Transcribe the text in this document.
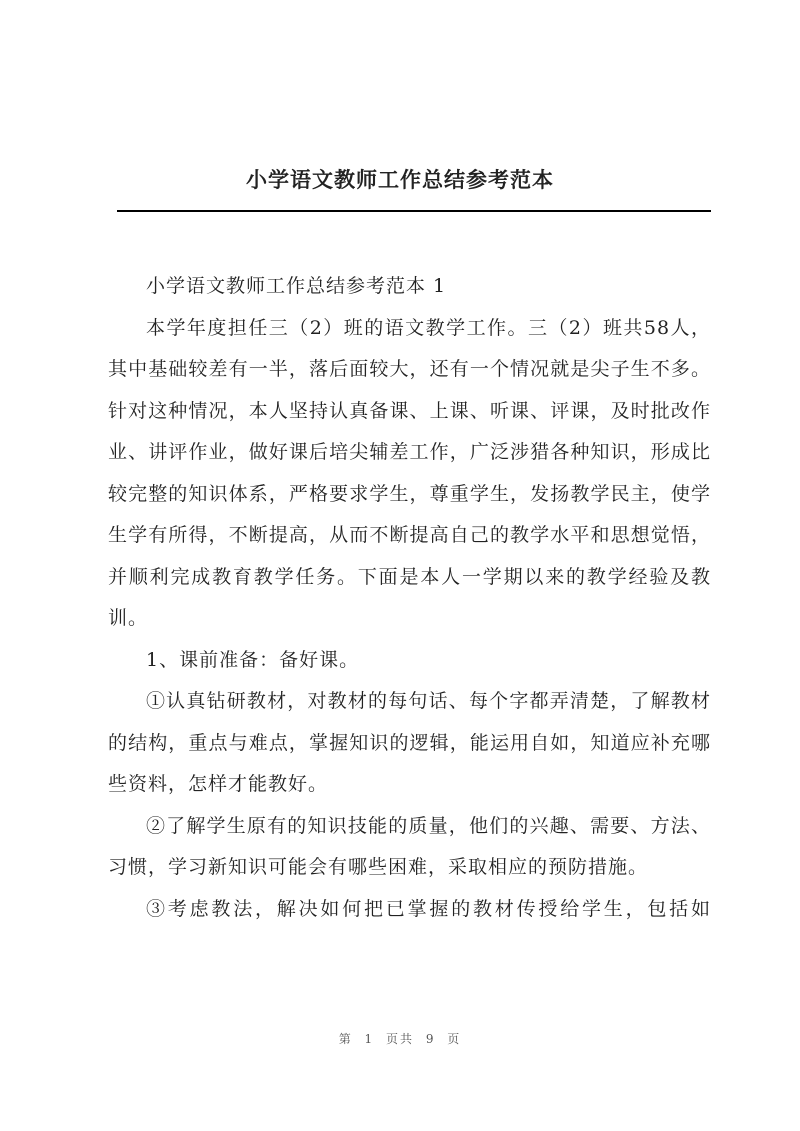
小学语文教师工作总结参考范本

小学语文教师工作总结参考范本 1

本学年度担任三（2）班的语文教学工作。三（2）班共58人，其中基础较差有一半，落后面较大，还有一个情况就是尖子生不多。 针对这种情况，本人坚持认真备课、上课、听课、评课，及时批改作业、讲评作业，做好课后培尖辅差工作，广泛涉猎各种知识，形成比较完整的知识体系，严格要求学生，尊重学生，发扬教学民主，使学生学有所得，不断提高，从而不断提高自己的教学水平和思想觉悟，并顺利完成教育教学任务。下面是本人一学期以来的教学经验及教训。

1、课前准备：备好课。

①认真钻研教材，对教材的每句话、每个字都弄清楚，了解教材的结构，重点与难点，掌握知识的逻辑，能运用自如，知道应补充哪些资料，怎样才能教好。

②了解学生原有的知识技能的质量，他们的兴趣、需要、方法、习惯，学习新知识可能会有哪些困难，采取相应的预防措施。

③考虑教法，解决如何把已掌握的教材传授给学生，包括如

第 1 页共 9 页
